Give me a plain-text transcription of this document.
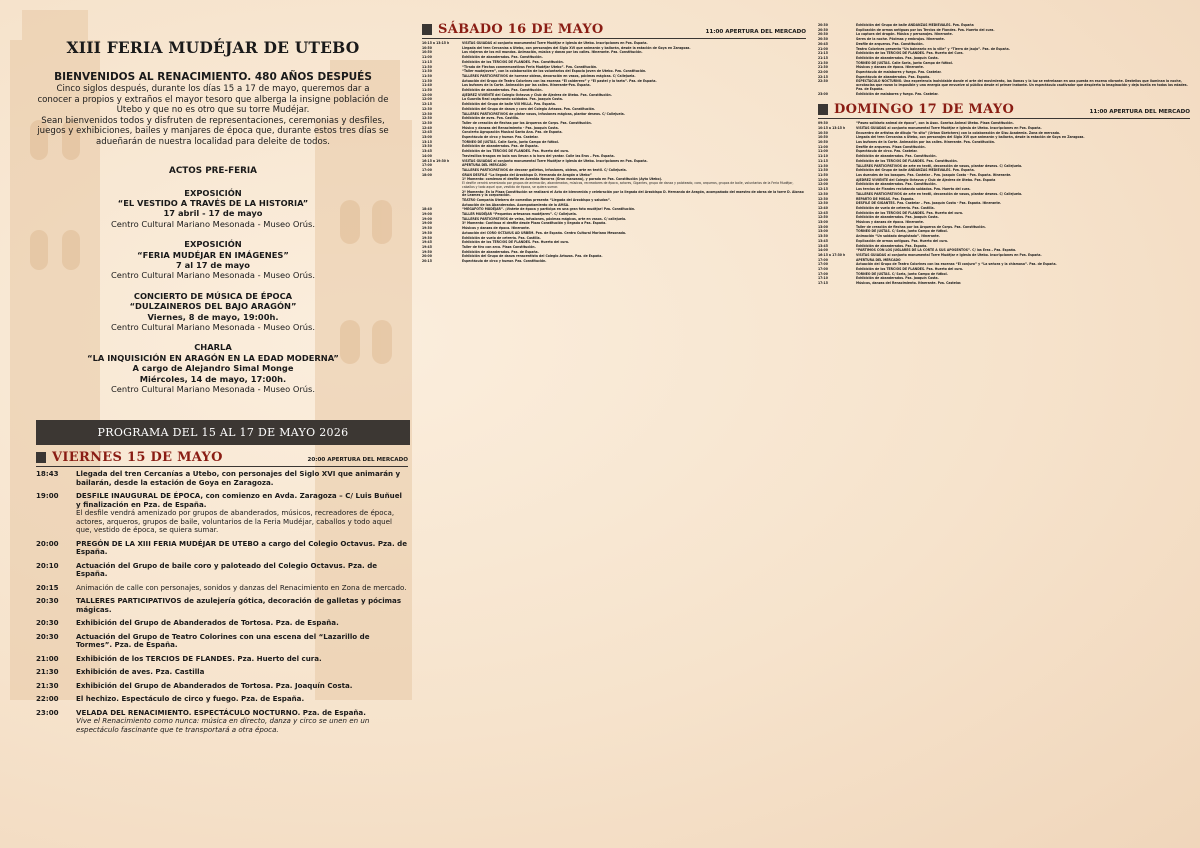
XIII FERIA MUDÉJAR DE UTEBO
BIENVENIDOS AL RENACIMIENTO. 480 AÑOS DESPUÉS
Cinco siglos después, durante los días 15 a 17 de mayo, queremos dar a
conocer a propios y extraños el mayor tesoro que alberga la insigne población de
Utebo y que no es otro que su torre Mudéjar.
Sean bienvenidos todos y disfruten de representaciones, ceremonias y desfiles,
juegos y exhibiciones, bailes y manjares de época que, durante estos tres días se
adueñarán de nuestra localidad para deleite de todos.
ACTOS PRE-FERIA
EXPOSICIÓN
“EL VESTIDO A TRAVÉS DE LA HISTORIA”
17 abril - 17 de mayo
Centro Cultural Mariano Mesonada - Museo Orús.
EXPOSICIÓN
“FERIA MUDÉJAR EN IMÁGENES”
7 al 17 de mayo
Centro Cultural Mariano Mesonada - Museo Orús.
CONCIERTO DE MÚSICA DE ÉPOCA
“DULZAINEROS DEL BAJO ARAGÓN”
Viernes, 8 de mayo, 19:00h.
Centro Cultural Mariano Mesonada - Museo Orús.
CHARLA
“LA INQUISICIÓN EN ARAGÓN EN LA EDAD MODERNA”
A cargo de Alejandro Simal Monge
Miércoles, 14 de mayo, 17:00h.
Centro Cultural Mariano Mesonada - Museo Orús.
VIERNES 15 DE MAYO	20:00 APERTURA DEL MERCADO
18:43	Llegada del tren Cercanías a Utebo, con personajes del Siglo XVI que animarán y bailarán, desde la estación de Goya en Zaragoza.
19:00	DESFILE INAUGURAL DE ÉPOCA, con comienzo en Avda. Zaragoza – C/ Luis Buñuel y finalización en Pza. de España.
El desfile vendrá amenizado por grupos de abanderados, músicos, recreadores de época, actores, arqueros, grupos de baile, voluntarios de la Feria Mudéjar, caballos y todo aquel que, vestido de época, se quiera sumar.
20:00	PREGÓN DE LA XIII FERIA MUDÉJAR DE UTEBO a cargo del Colegio Octavus. Pza. de España.
20:10	Actuación del Grupo de baile coro y paloteado del Colegio Octavus. Pza. de España.
20:15	Animación de calle con personajes, sonidos y danzas del Renacimiento en Zona de mercado.
20:30	TALLERES PARTICIPATIVOS de azulejería gótica, decoración de galletas y pócimas mágicas.
20:30	Exhibición del Grupo de Abanderados de Tortosa. Pza. de España.
20:30	Actuación del Grupo de Teatro Colorines con una escena del “Lazarillo de Tormes”. Pza. de España.
21:00	Exhibición de los TERCIOS DE FLANDES. Pza. Huerto del cura.
21:30	Exhibición de aves. Pza. Castilla
21:30	Exhibición del Grupo de Abanderados de Tortosa. Pza. Joaquín Costa.
22:00	El hechizo. Espectáculo de circo y fuego. Pza. de España.
23:00	VELADA DEL RENACIMIENTO. ESPECTÁCULO NOCTURNO. Pza. de España.
Vive el Renacimiento como nunca: música en directo, danza y circo se unen en un espectáculo fascinante que te transportará a otra época.
PROGRAMA DEL 15 AL 17 DE MAYO 2026
SÁBADO 16 DE MAYO	11:00 APERTURA DEL MERCADO
10:15 a 13:15 h	VISITAS GUIADAS al conjunto monumental Torre Mudéjar e Iglesia de Utebo. Inscripciones en Pza. España.
10:50	Llegada del tren Cercanías a Utebo, con personajes del Siglo XVI que animarán y bailarán, desde la estación de Goya en Zaragoza.
10:50	Los viajeros de los mil mundos. Animación, música y danza por las calles. Itinerante. Pza. Constitución.
11:00	Exhibición de abanderados. Pza. Constitución.
11:15	Exhibición de los TERCIOS DE FLANDES. Pza. Constitución.
11:30	“Tirada de Flechas conmemorativas Feria Mudéjar Utebo”. Pza. Constitución.
11:30	“Taller mudejoven”, con la colaboración de los voluntarios del Espacio Joven de Utebo. Pza. Constitución.
11:30	TALLERES PARTICIPATIVOS de hornear obleas, decoración en vasos, pócimas mágicas. C/ Callejuela.
11:30	Actuación del Grupo de Teatro Colorines con las escenas “El calderero” y “El pastel y la tarta”. Pza. de España.
11:40	Los bufones de la Corte. Animación por las calles. Itinerante-Pza. España.
11:50	Exhibición de abanderados. Pza. Constitución.
12:00	AJEDREZ VIVIENTE del Colegio Octavus y Club de Ajedrez de Utebo. Pza. Constitución.
12:00	La Guardia Real capturando soldados. Pza. Joaquín Costa.
12:15	Exhibición del Grupo de baile VIII MILLA. Pza. España.
12:30	Exhibición del Grupo de danza y coro del Colegio Artazos. Pza. Constitución.
12:30	TALLERES PARTICIPATIVOS de pintar vasos, infusiones mágicas, plantar deseos. C/ Callejuela.
12:30	Exhibición de aves. Pza. Castilla.
12:30	Taller de creación de flechas por los Arqueros de Corps. Pza. Constitución.
12:40	Música y danzas del Renacimiento - Pza. Joaquín Costa.
12:45	Concierto Agrupación Musical Santa Ana. Pza. de España.
13:00	Espectáculo de circo y humor. Pza. Castelar.
13:15	TORNEO DE JUSTAS. Calle Soria, junto Campo de fútbol.
13:30	Exhibición de abanderados. Pza. de España.
13:45	Exhibición de los TERCIOS DE FLANDES. Pza. Huerto del cura.
14:00	Travieslilos trasgos en bola nos llevan a la hora del yantar. Calle las Eras – Pza. España.
16:15 a 19:30 h	VISITAS GUIADAS al conjunto monumental Torre Mudéjar e Iglesia de Utebo. Inscripciones en Pza. España.
17:00	APERTURA DEL MERCADO
17:00	TALLERES PARTICIPATIVOS de decorar galletas, infusiones, obleas, arte en textil. C/ Callejuela.
18:00	GRAN DESFILE “La llegada del Arzobispo D. Hernando de Aragón a Utebo”
1º Momento: comienza el desfile en Avenida Navarra (Gran manzana), y parada en Pza. Constitución (Ayto Utebo).
El desfile vendrá amenizado por grupos de animación, abanderados, músicos, recreadores de época, actores, Gigantes, grupo de danza y paloteado, coro, arqueros, grupos de baile, voluntarios de la Feria Mudéjar, caballos y todo aquel que, vestido de época, se quiera sumar.
2º Momento: En la Plaza Constitución se realizará el Acto de bienvenida y celebración por la llegada del Arzobispo D. Hernando de Aragón, acompañado del maestro de obras de la torre D. Alonso de Lezmes y la corporación.
TEATRO Compañía Utebera de comedias presenta “Llegada del Arzobispo y saludos”.
Actuación de los Abanderados. Acompañamiento de la AMSA.
18:40	“MEGAFOTO MUDÉJAR”. ¡Vístete de época y participa en una gran foto mudéjar! Pza. Constitución.
19:00	TALLER MUDÉJAR “Pequeños artesanos mudéjares”. C/ Callejuela.
19:00	TALLERES PARTICIPATIVOS de velas, infusiones, pócimas mágicas, arte en vasos. C/ callejuela.
19:00	3º Momento: Continua el desfile desde Plaza Constitución y llegada a Pza. España.
19:30	Músicas y danzas de época. Itinerante.
19:30	Actuación del CORO OCTAVUS AD URBEM. Pza. de España. Centro Cultural Mariano Mesonada.
19:30	Exhibición de vuelo de cetrería. Pza. Castilla.
19:45	Exhibición de los TERCIOS DE FLANDES. Pza. Huerto del cura.
19:45	Taller de tiro con arco. Plaza Constitución.
19:50	Exhibición de abanderados. Pza. de España.
20:00	Exhibición del Grupo de danza renacentista del Colegio Artazos. Pza. de España.
20:15	Espectáculo de circo y humor. Pza. Constitución.
20:30	Exhibición del Grupo de baile ANDANZAS MEDIEVALES. Pza. España
20:30	Explicación de armas antiguas por los Tercios de Flandes. Pza. Huerto del cura.
20:30	La captura del dragón. Música y personajes. Itinerante.
20:30	Seres de la noche. Pócimas y embrujos. Itinerante.
20:45	Desfile de arqueros. Pza. Constitución.
21:00	Teatro Colorines presenta “Un balneario en la ville” y “Tierra de Jauja”. Pza. de España.
21:15	Exhibición de los TERCIOS DE FLANDES. Pza. Huerto del Cura.
21:15	Exhibición de abanderados. Pza. Joaquín Costa.
21:30	TORNEO DE JUSTAS. Calle Soria, junto Campo de fútbol.
21:30	Músicas y danzas de época. Itinerante.
22:00	Espectáculo de malabares y fuego. Pza. Castelar.
22:15	Espectáculo de abanderados. Pza. España.
22:30	ESPECTÁCULO NOCTURNO. Una experiencia inolvidable donde el arte del movimiento, las llamas y la luz se entrelazan en una puesta en escena vibrante. Destellos que iluminan la noche, acrobacias que rozan lo imposible y una energía que envuelve al público desde el primer instante. Un espectáculo cautivador que despierta la imaginación y deja huella en todas las edades. Pza. de España.
23:00	Exhibición de malabares y fuego. Pza. Castelar.
DOMINGO 17 DE MAYO	11:00 APERTURA DEL MERCADO
09:30	“Paseo solidario animal de época”, con la Asoc. Sonrisa Animal Utebo. Plaza Constitución.
10:15 a 13:15 h	VISITAS GUIADAS al conjunto monumental Torre Mudéjar e Iglesia de Utebo. Inscripciones en Pza. España.
10:30	Encuentro de artistas de dibujo “in situ” (Urban Sketchers) con la colaboración de Sisu Academia. Zona de mercado.
10:50	Llegada del tren Cercanías a Utebo, con personajes del Siglo XVI que animarán y bailarán, desde la estación de Goya en Zaragoza.
10:50	Los bufones de la Corte. Animación por las calles. Itinerante. Pza. Constitución.
11:00	Desfile de arqueros. Plaza Constitución.
11:00	Espectáculo de circo. Pza. Castelar.
11:10	Exhibición de abanderados. Pza. Constitución.
11:15	Exhibición de los TERCIOS DE FLANDES. Pza. Constitución.
11:30	TALLERES PARTICIPATIVOS de arte en textil, decoración de vasos, plantar deseos. C/ Callejuela.
11:30	Exhibición del Grupo de baile ANDANZAS MEDIEVALES. Pza. España.
11:50	Los duendes de los bosques. Pza. Castelar – Pza. Joaquín Costa - Pza. España. Itinerante.
12:00	AJEDREZ VIVIENTE del Colegio Octavus y Club de Ajedrez de Utebo. Pza. España
12:00	Exhibición de abanderados. Pza. Constitución.
12:15	Los tercios de Flandes reclutando soldados. Pza. Huerto del cura.
12:30	TALLERES PARTICIPATIVOS de arte en textil, decoración de vasos, plantar deseos. C/ Callejuela.
12:30	REPARTO DE MIGAS. Pza. España.
12:30	DESFILE DE GIGANTES. Pza. Castelar – Pza. Joaquín Costa - Pza. España. Itinerante.
12:40	Exhibición de vuelo de cetrería. Pza. Castilla.
12:45	Exhibición de los TERCIOS DE FLANDES. Pza. Huerto del cura.
12:50	Exhibición de abanderados. Pza. Joaquín Costa.
13:00	Músicas y danzas de época. Itinerante.
13:00	Taller de creación de flechas por los Arqueros de Corps. Pza. Constitución.
13:00	TORNEO DE JUSTAS. C/ Soria, junto Campo de fútbol.
13:30	Animación “Un soldado despistado”. Itinerante.
13:45	Explicación de armas antiguas. Pza. Huerto del cura.
13:45	Exhibición de abanderados. Pza. España.
14:00	“PARTIMOS CON LOS JUGLARES DE LA CORTE A SUS APOSENTOS”. C/ las Eras – Pza. España.
16:15 a 17:30 h	VISITAS GUIADAS al conjunto monumental Torre Mudéjar e Iglesia de Utebo. Inscripciones en Pza. España.
17:00	APERTURA DEL MERCADO
17:00	Actuación del Grupo de Teatro Colorines con las escenas “El conjuro” y “La señora y la chismosa”. Pza. de España.
17:00	Exhibición de los TERCIOS DE FLANDES. Pza. Huerto del cura.
17:00	TORNEO DE JUSTAS. C/ Soria, junto Campo de fútbol.
17:10	Exhibición de abanderados. Pza. Joaquín Costa.
17:15	Músicas, danzas del Renacimiento. Itinerante. Pza. Castelar.
